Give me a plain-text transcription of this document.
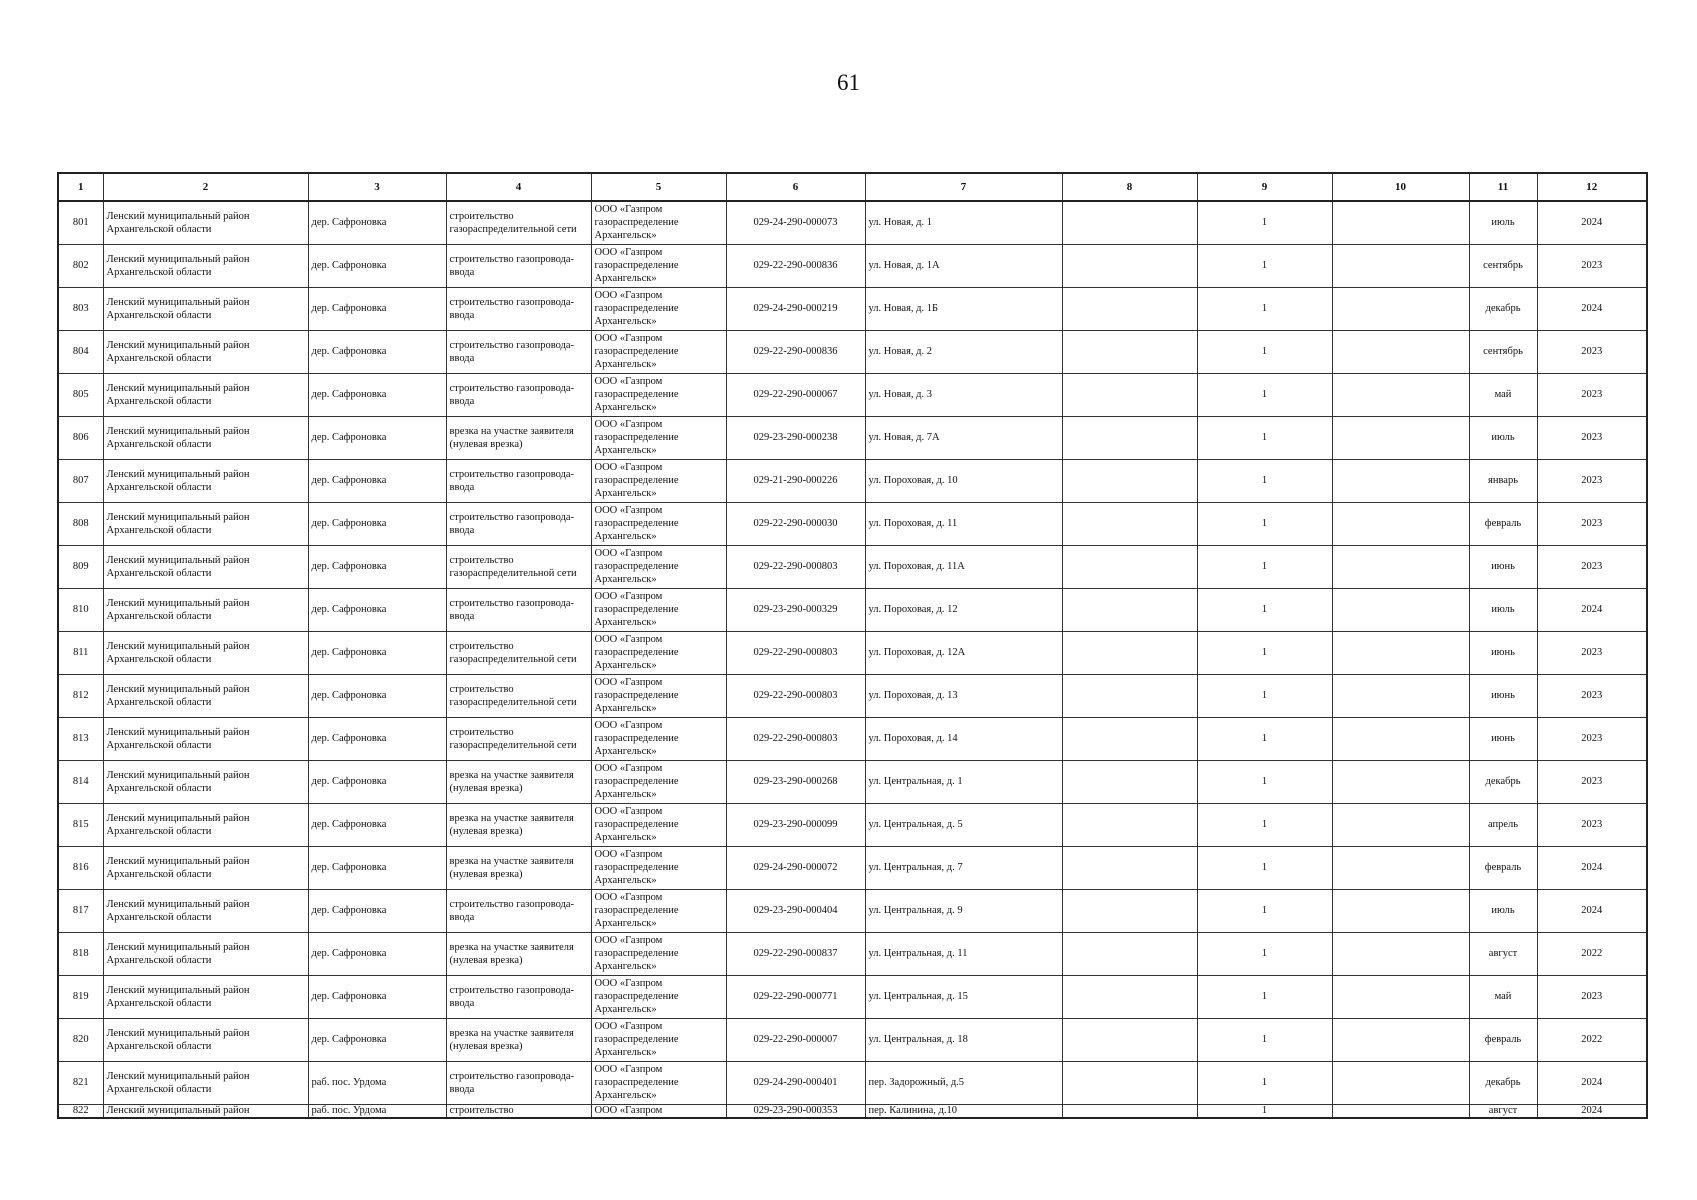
61
1	2	3	4	5	6	7	8	9	10	11	12
801	Ленский муниципальный район Архангельской области	дер. Сафроновка	строительство газораспределительной сети	ООО «Газпром газораспределение Архангельск»	029-24-290-000073	ул. Новая, д. 1		1		июль	2024
802	Ленский муниципальный район Архангельской области	дер. Сафроновка	строительство газопровода-ввода	ООО «Газпром газораспределение Архангельск»	029-22-290-000836	ул. Новая, д. 1А		1		сентябрь	2023
803	Ленский муниципальный район Архангельской области	дер. Сафроновка	строительство газопровода-ввода	ООО «Газпром газораспределение Архангельск»	029-24-290-000219	ул. Новая, д. 1Б		1		декабрь	2024
804	Ленский муниципальный район Архангельской области	дер. Сафроновка	строительство газопровода-ввода	ООО «Газпром газораспределение Архангельск»	029-22-290-000836	ул. Новая, д. 2		1		сентябрь	2023
805	Ленский муниципальный район Архангельской области	дер. Сафроновка	строительство газопровода-ввода	ООО «Газпром газораспределение Архангельск»	029-22-290-000067	ул. Новая, д. 3		1		май	2023
806	Ленский муниципальный район Архангельской области	дер. Сафроновка	врезка на участке заявителя (нулевая врезка)	ООО «Газпром газораспределение Архангельск»	029-23-290-000238	ул. Новая, д. 7А		1		июль	2023
807	Ленский муниципальный район Архангельской области	дер. Сафроновка	строительство газопровода-ввода	ООО «Газпром газораспределение Архангельск»	029-21-290-000226	ул. Пороховая, д. 10		1		январь	2023
808	Ленский муниципальный район Архангельской области	дер. Сафроновка	строительство газопровода-ввода	ООО «Газпром газораспределение Архангельск»	029-22-290-000030	ул. Пороховая, д. 11		1		февраль	2023
809	Ленский муниципальный район Архангельской области	дер. Сафроновка	строительство газораспределительной сети	ООО «Газпром газораспределение Архангельск»	029-22-290-000803	ул. Пороховая, д. 11А		1		июнь	2023
810	Ленский муниципальный район Архангельской области	дер. Сафроновка	строительство газопровода-ввода	ООО «Газпром газораспределение Архангельск»	029-23-290-000329	ул. Пороховая, д. 12		1		июль	2024
811	Ленский муниципальный район Архангельской области	дер. Сафроновка	строительство газораспределительной сети	ООО «Газпром газораспределение Архангельск»	029-22-290-000803	ул. Пороховая, д. 12А		1		июнь	2023
812	Ленский муниципальный район Архангельской области	дер. Сафроновка	строительство газораспределительной сети	ООО «Газпром газораспределение Архангельск»	029-22-290-000803	ул. Пороховая, д. 13		1		июнь	2023
813	Ленский муниципальный район Архангельской области	дер. Сафроновка	строительство газораспределительной сети	ООО «Газпром газораспределение Архангельск»	029-22-290-000803	ул. Пороховая, д. 14		1		июнь	2023
814	Ленский муниципальный район Архангельской области	дер. Сафроновка	врезка на участке заявителя (нулевая врезка)	ООО «Газпром газораспределение Архангельск»	029-23-290-000268	ул. Центральная, д. 1		1		декабрь	2023
815	Ленский муниципальный район Архангельской области	дер. Сафроновка	врезка на участке заявителя (нулевая врезка)	ООО «Газпром газораспределение Архангельск»	029-23-290-000099	ул. Центральная, д. 5		1		апрель	2023
816	Ленский муниципальный район Архангельской области	дер. Сафроновка	врезка на участке заявителя (нулевая врезка)	ООО «Газпром газораспределение Архангельск»	029-24-290-000072	ул. Центральная, д. 7		1		февраль	2024
817	Ленский муниципальный район Архангельской области	дер. Сафроновка	строительство газопровода-ввода	ООО «Газпром газораспределение Архангельск»	029-23-290-000404	ул. Центральная, д. 9		1		июль	2024
818	Ленский муниципальный район Архангельской области	дер. Сафроновка	врезка на участке заявителя (нулевая врезка)	ООО «Газпром газораспределение Архангельск»	029-22-290-000837	ул. Центральная, д. 11		1		август	2022
819	Ленский муниципальный район Архангельской области	дер. Сафроновка	строительство газопровода-ввода	ООО «Газпром газораспределение Архангельск»	029-22-290-000771	ул. Центральная, д. 15		1		май	2023
820	Ленский муниципальный район Архангельской области	дер. Сафроновка	врезка на участке заявителя (нулевая врезка)	ООО «Газпром газораспределение Архангельск»	029-22-290-000007	ул. Центральная, д. 18		1		февраль	2022
821	Ленский муниципальный район Архангельской области	раб. пос. Урдома	строительство газопровода-ввода	ООО «Газпром газораспределение Архангельск»	029-24-290-000401	пер. Задорожный, д.5		1		декабрь	2024
822	Ленский муниципальный район	раб. пос. Урдома	строительство	ООО «Газпром	029-23-290-000353	пер. Калинина, д.10		1		август	2024
